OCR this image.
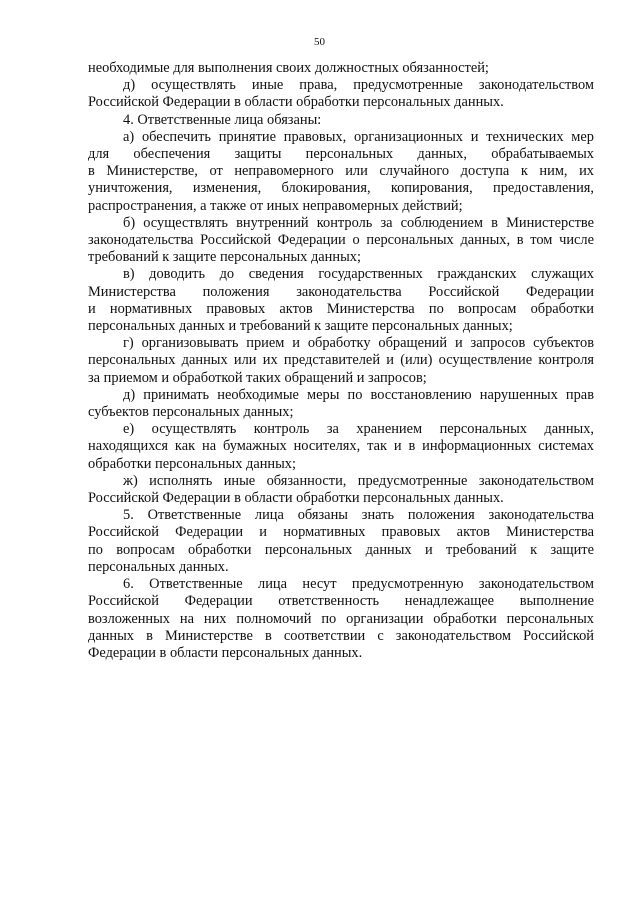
50
необходимые для выполнения своих должностных обязанностей;
д) осуществлять иные права, предусмотренные законодательством
Российской Федерации в области обработки персональных данных.
4. Ответственные лица обязаны:
а) обеспечить принятие правовых, организационных и технических мер
для обеспечения защиты персональных данных, обрабатываемых
в Министерстве, от неправомерного или случайного доступа к ним, их
уничтожения, изменения, блокирования, копирования, предоставления,
распространения, а также от иных неправомерных действий;
б) осуществлять внутренний контроль за соблюдением в Министерстве
законодательства Российской Федерации о персональных данных, в том числе
требований к защите персональных данных;
в) доводить до сведения государственных гражданских служащих
Министерства положения законодательства Российской Федерации
и нормативных правовых актов Министерства по вопросам обработки
персональных данных и требований к защите персональных данных;
г) организовывать прием и обработку обращений и запросов субъектов
персональных данных или их представителей и (или) осуществление контроля
за приемом и обработкой таких обращений и запросов;
д) принимать необходимые меры по восстановлению нарушенных прав
субъектов персональных данных;
е) осуществлять контроль за хранением персональных данных,
находящихся как на бумажных носителях, так и в информационных системах
обработки персональных данных;
ж) исполнять иные обязанности, предусмотренные законодательством
Российской Федерации в области обработки персональных данных.
5. Ответственные лица обязаны знать положения законодательства
Российской Федерации и нормативных правовых актов Министерства
по вопросам обработки персональных данных и требований к защите
персональных данных.
6. Ответственные лица несут предусмотренную законодательством
Российской Федерации ответственность ненадлежащее выполнение
возложенных на них полномочий по организации обработки персональных
данных в Министерстве в соответствии с законодательством Российской
Федерации в области персональных данных.
